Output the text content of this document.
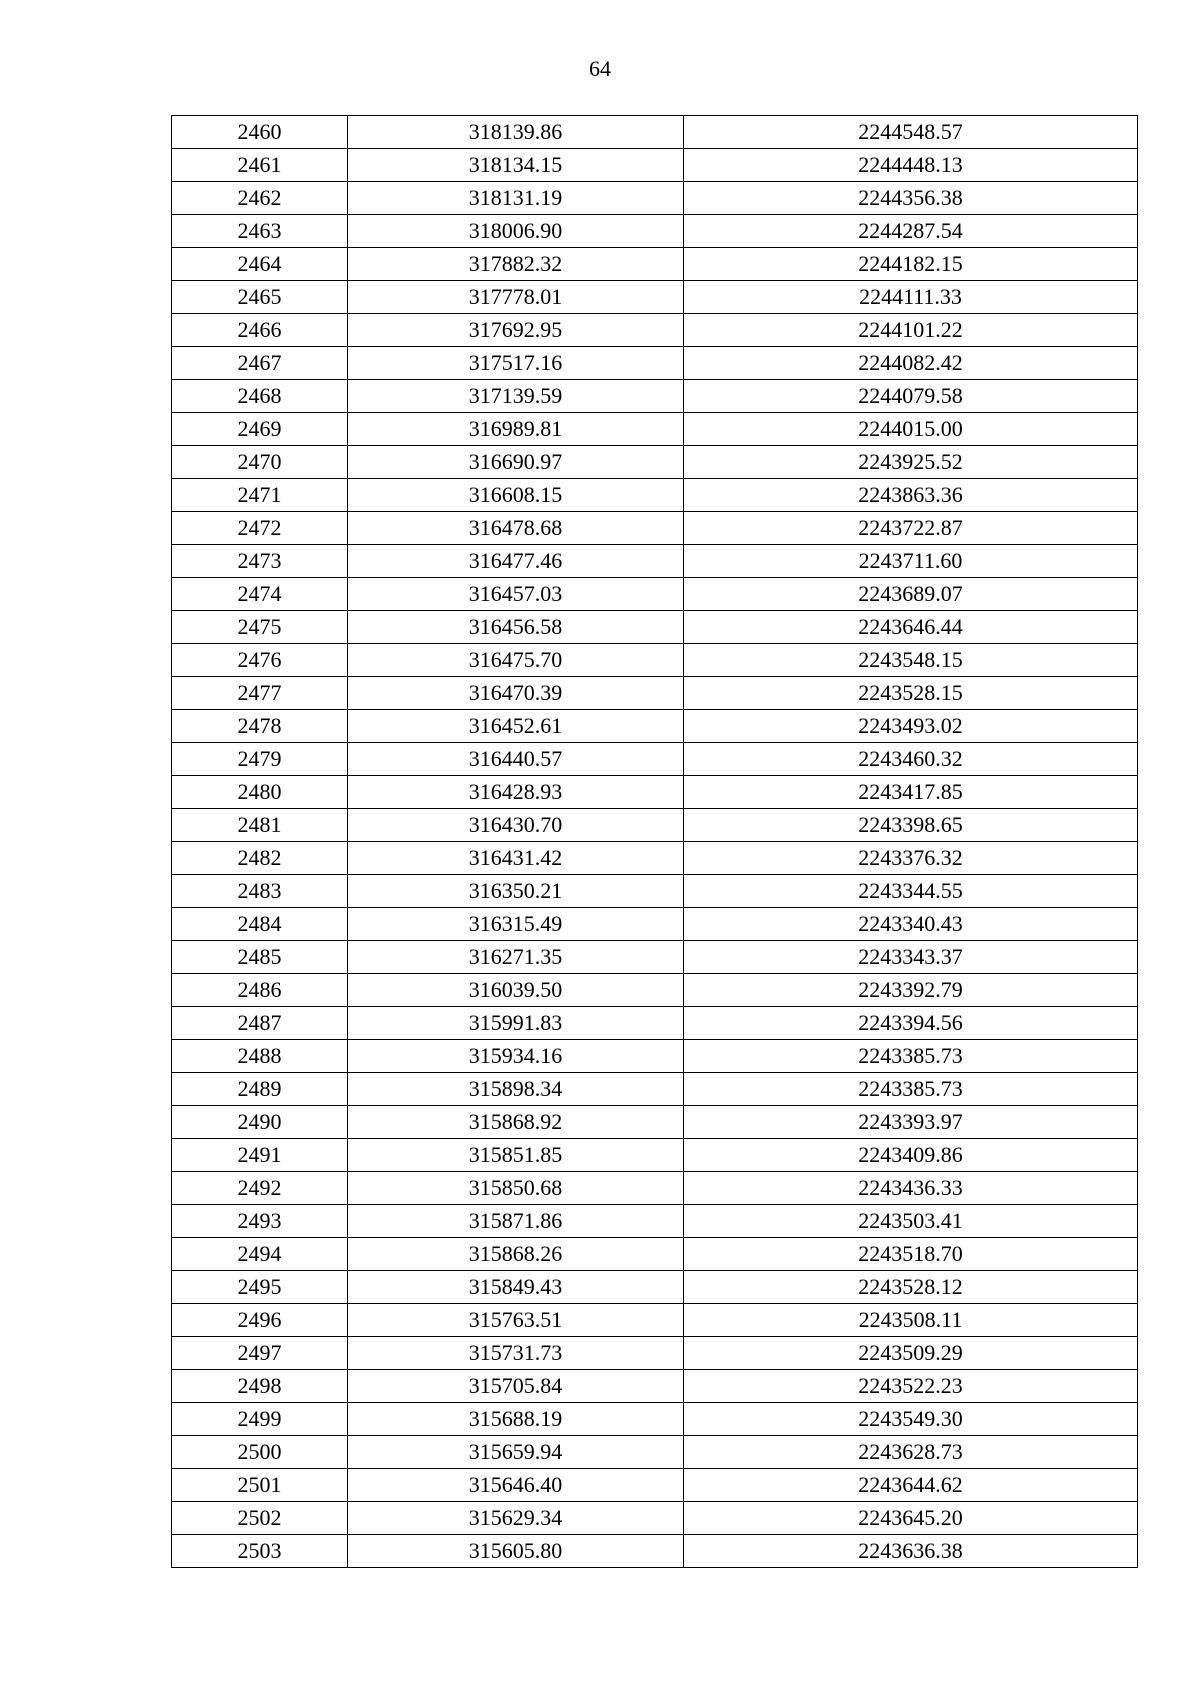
64
2460	318139.86	2244548.57
2461	318134.15	2244448.13
2462	318131.19	2244356.38
2463	318006.90	2244287.54
2464	317882.32	2244182.15
2465	317778.01	2244111.33
2466	317692.95	2244101.22
2467	317517.16	2244082.42
2468	317139.59	2244079.58
2469	316989.81	2244015.00
2470	316690.97	2243925.52
2471	316608.15	2243863.36
2472	316478.68	2243722.87
2473	316477.46	2243711.60
2474	316457.03	2243689.07
2475	316456.58	2243646.44
2476	316475.70	2243548.15
2477	316470.39	2243528.15
2478	316452.61	2243493.02
2479	316440.57	2243460.32
2480	316428.93	2243417.85
2481	316430.70	2243398.65
2482	316431.42	2243376.32
2483	316350.21	2243344.55
2484	316315.49	2243340.43
2485	316271.35	2243343.37
2486	316039.50	2243392.79
2487	315991.83	2243394.56
2488	315934.16	2243385.73
2489	315898.34	2243385.73
2490	315868.92	2243393.97
2491	315851.85	2243409.86
2492	315850.68	2243436.33
2493	315871.86	2243503.41
2494	315868.26	2243518.70
2495	315849.43	2243528.12
2496	315763.51	2243508.11
2497	315731.73	2243509.29
2498	315705.84	2243522.23
2499	315688.19	2243549.30
2500	315659.94	2243628.73
2501	315646.40	2243644.62
2502	315629.34	2243645.20
2503	315605.80	2243636.38
